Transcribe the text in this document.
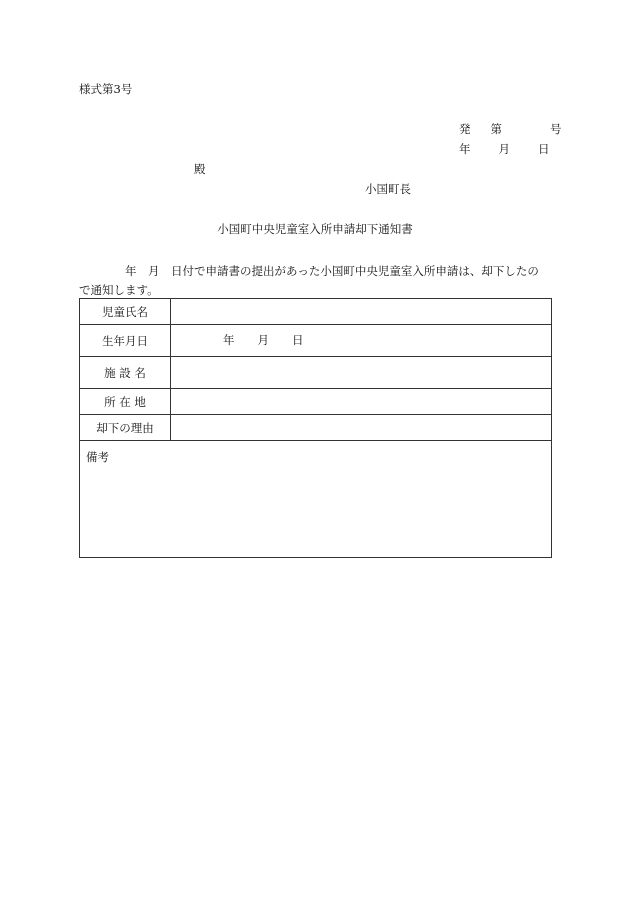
様式第3号
発 第	号
年 月 日
殿
小国町長
小国町中央児童室入所申請却下通知書
年　月　日付で申請書の提出があった小国町中央児童室入所申請は、却下したの
で通知します。
児童氏名	
生年月日	年　　月　　日
施 設 名	
所 在 地	
却下の理由	
備考	
